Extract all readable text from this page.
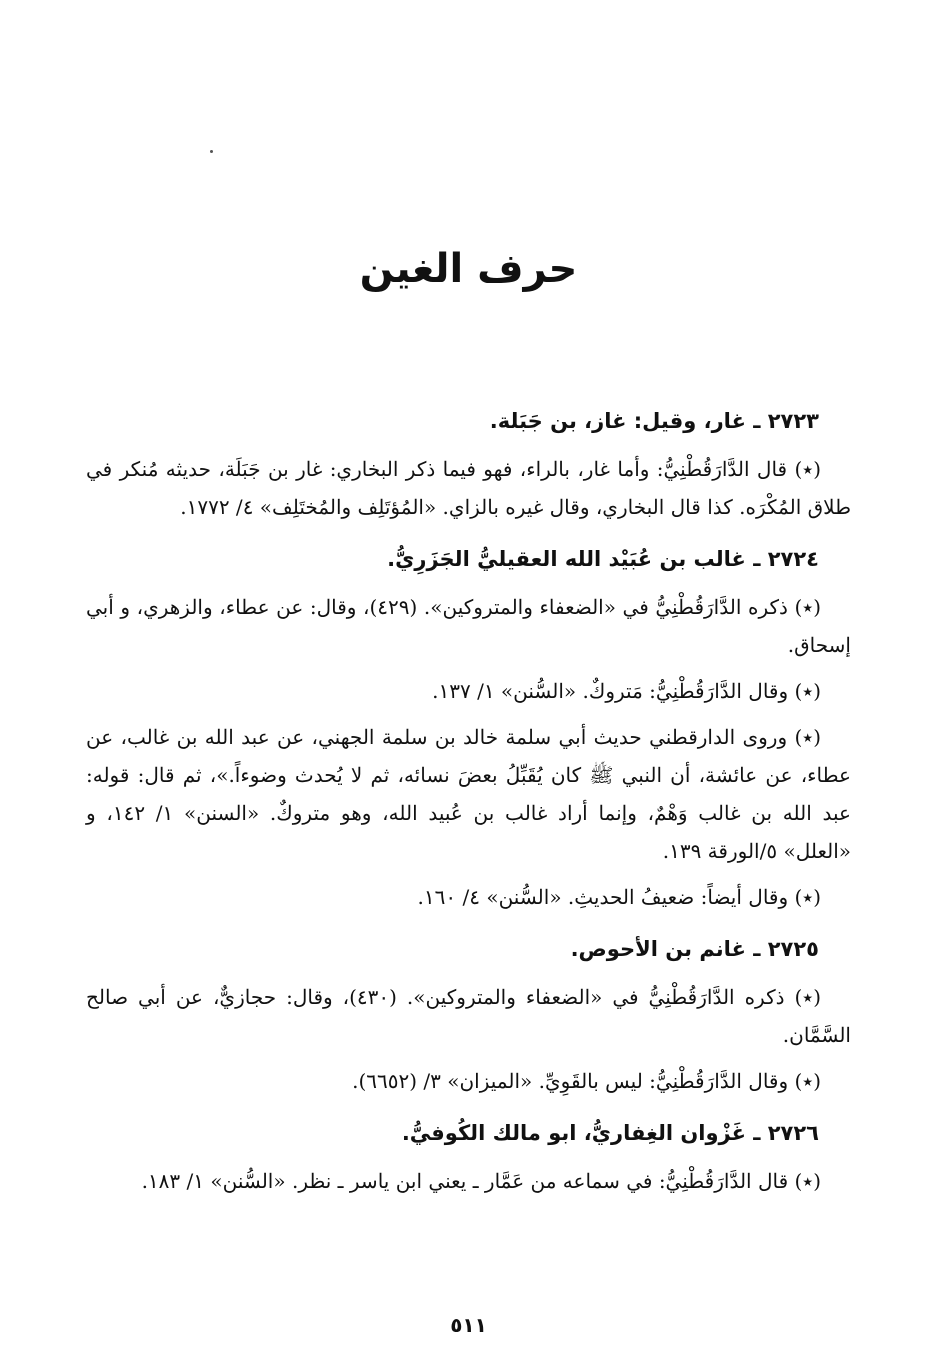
حرف الغين
٢٧٢٣ ـ غار، وقيل: غاز، بن جَبَلة.

(٭) قال الدَّارَقُطْنِيُّ: وأما غار، بالراء، فهو فيما ذكر البخاري: غار بن جَبَلَة، حديثه مُنكر في طلاق المُكْرَه. كذا قال البخاري، وقال غيره بالزاي. «المُؤتَلِف والمُختَلِف» ٤/ ١٧٧٢.

٢٧٢٤ ـ غالب بن عُبَيْد الله العقيليُّ الجَزَرِيُّ.

(٭) ذكره الدَّارَقُطْنِيُّ في «الضعفاء والمتروكين». (٤٢٩)، وقال: عن عطاء، والزهري، و أبي إسحاق.

(٭) وقال الدَّارَقُطْنِيُّ: مَتروكٌ. «السُّنن» ١/ ١٣٧.

(٭) وروى الدارقطني حديث أبي سلمة خالد بن سلمة الجهني، عن عبد الله بن غالب، عن عطاء، عن عائشة، أن النبي ﷺ كان يُقَبِّلُ بعضَ نسائه، ثم لا يُحدث وضوءاً.»، ثم قال: قوله: عبد الله بن غالب وَهْمٌ، وإنما أراد غالب بن عُبيد الله، وهو متروكٌ. «السنن» ١/ ١٤٢، و «العلل» ٥/الورقة ١٣٩.

(٭) وقال أيضاً: ضعيفُ الحديثِ. «السُّنن» ٤/ ١٦٠.

٢٧٢٥ ـ غانم بن الأحوص.

(٭) ذكره الدَّارَقُطْنِيُّ في «الضعفاء والمتروكين». (٤٣٠)، وقال: حجازيٌّ، عن أبي صالح السَّمَّان.

(٭) وقال الدَّارَقُطْنِيُّ: ليس بالقَوِيِّ. «الميزان» ٣/ (٦٦٥٢).

٢٧٢٦ ـ غَزْوان الغِفاريُّ، ابو مالك الكُوفيُّ.

(٭) قال الدَّارَقُطْنِيُّ: في سماعه من عَمَّار ـ يعني ابن ياسر ـ نظر. «السُّنن» ١/ ١٨٣.

٥١١
